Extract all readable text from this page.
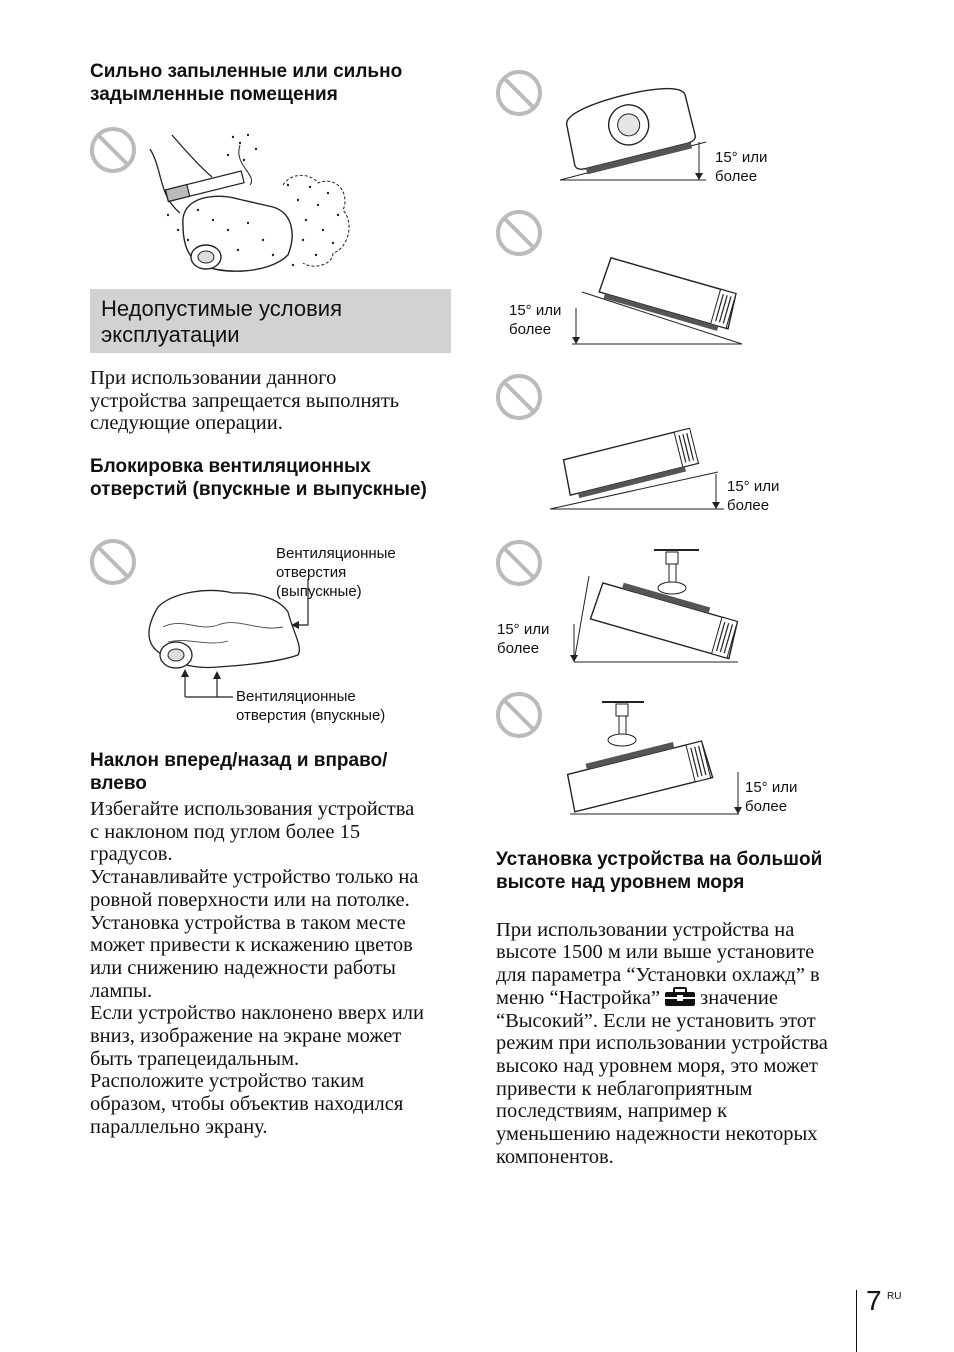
Сильно запыленные или сильно задымленные помещения
Недопустимые условия эксплуатации
При использовании данного
устройства запрещается выполнять
следующие операции.
Блокировка вентиляционных отверстий (впускные и выпускные)
Вентиляционные
отверстия
(выпускные)
Вентиляционные
отверстия (впускные)
Наклон вперед/назад и вправо/ влево
Избегайте использования устройства
с наклоном под углом более 15
градусов.
Устанавливайте устройство только на
ровной поверхности или на потолке.
Установка устройства в таком месте
может привести к искажению цветов
или снижению надежности работы
лампы.
Если устройство наклонено вверх или
вниз, изображение на экране может
быть трапецеидальным.
Расположите устройство таким
образом, чтобы объектив находился
параллельно экрану.
15° или
более
15° или
более
15° или
более
15° или
более
15° или
более
Установка устройства на большой высоте над уровнем моря

При использовании устройства на
высоте 1500 м или выше установите
для параметра “Установки охлажд” в
меню “Настройка” значение

“Высокий”. Если не установить этот
режим при использовании устройства
высоко над уровнем моря, это может
привести к неблагоприятным
последствиям, например к
уменьшению надежности некоторых
компонентов.

7 RU
